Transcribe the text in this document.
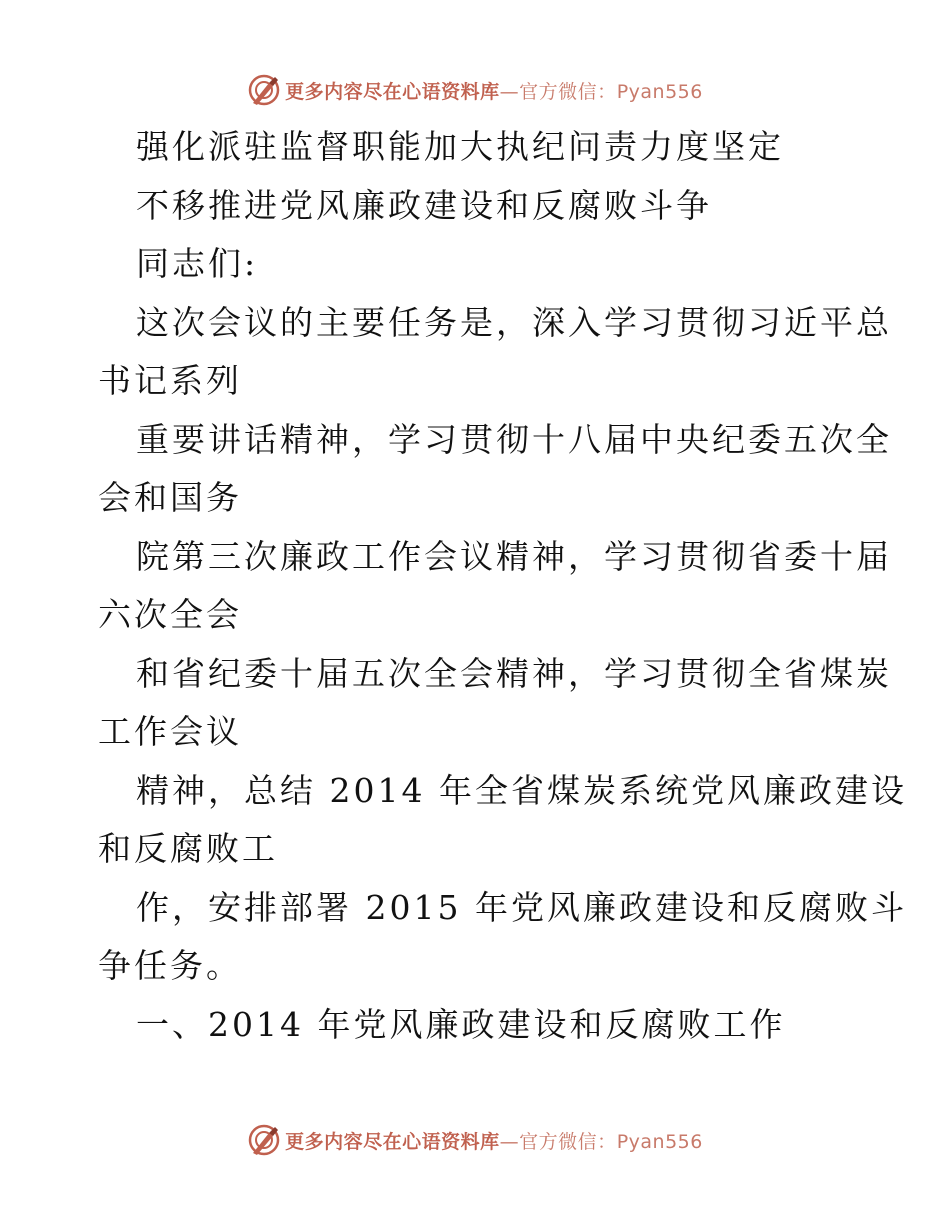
更多内容尽在心语资料库—官方微信：Pyan556
强化派驻监督职能加大执纪问责力度坚定
不移推进党风廉政建设和反腐败斗争
同志们:
这次会议的主要任务是，深入学习贯彻习近平总
书记系列
重要讲话精神，学习贯彻十八届中央纪委五次全
会和国务
院第三次廉政工作会议精神，学习贯彻省委十届
六次全会
和省纪委十届五次全会精神，学习贯彻全省煤炭
工作会议
精神，总结 2014 年全省煤炭系统党风廉政建设
和反腐败工
作，安排部署 2015 年党风廉政建设和反腐败斗
争任务。
一、2014 年党风廉政建设和反腐败工作
更多内容尽在心语资料库—官方微信：Pyan556
